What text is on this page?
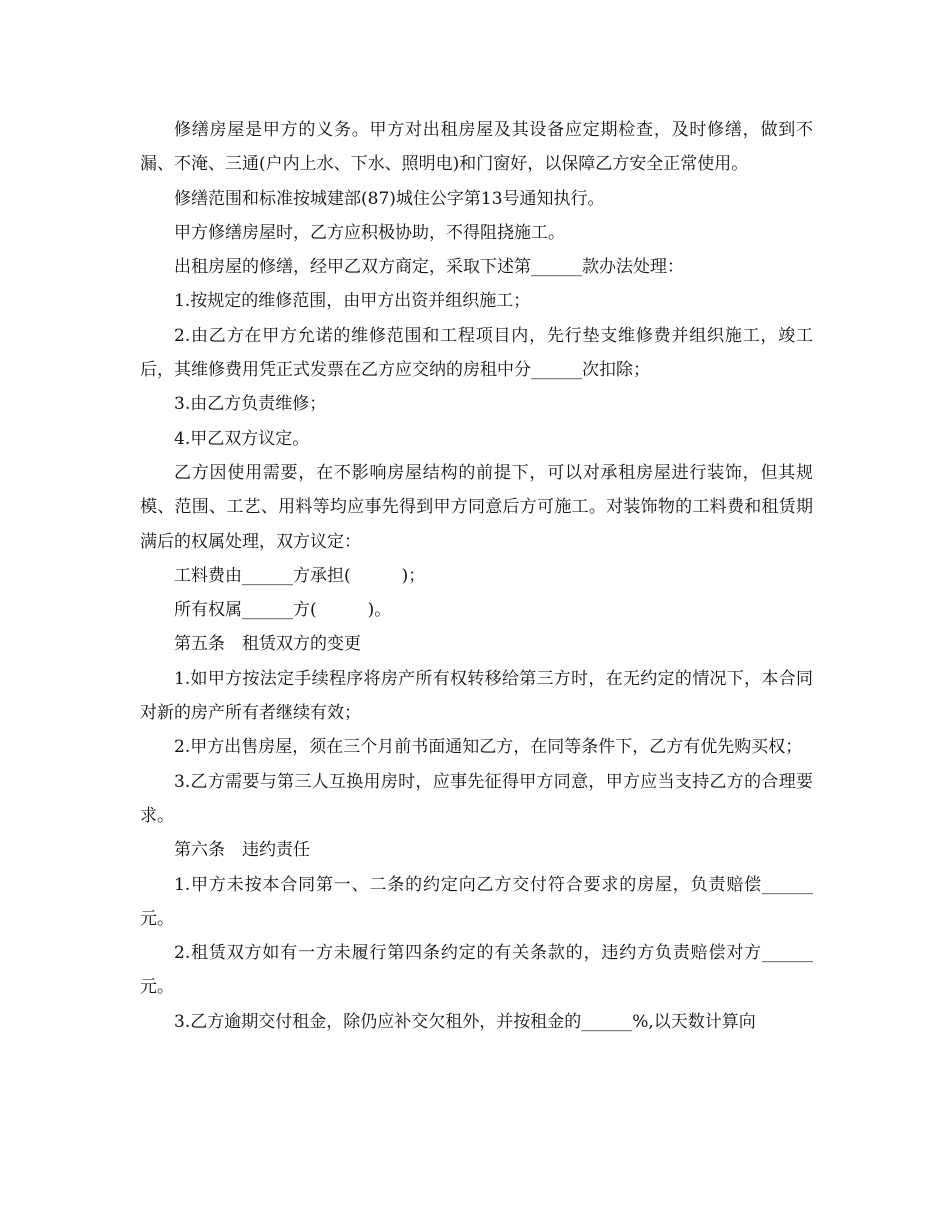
修缮房屋是甲方的义务。甲方对出租房屋及其设备应定期检查，及时修缮，做到不漏、不淹、三通(户内上水、下水、照明电)和门窗好，以保障乙方安全正常使用。

修缮范围和标准按城建部(87)城住公字第13号通知执行。

甲方修缮房屋时，乙方应积极协助，不得阻挠施工。

出租房屋的修缮，经甲乙双方商定，采取下述第______款办法处理：

1.按规定的维修范围，由甲方出资并组织施工；

2.由乙方在甲方允诺的维修范围和工程项目内，先行垫支维修费并组织施工，竣工后，其维修费用凭正式发票在乙方应交纳的房租中分______次扣除；

3.由乙方负责维修；

4.甲乙双方议定。

乙方因使用需要，在不影响房屋结构的前提下，可以对承租房屋进行装饰，但其规模、范围、工艺、用料等均应事先得到甲方同意后方可施工。对装饰物的工料费和租赁期满后的权属处理，双方议定：

工料费由______方承担(　　　)；

所有权属______方(　　　)。

第五条　租赁双方的变更

1.如甲方按法定手续程序将房产所有权转移给第三方时，在无约定的情况下，本合同对新的房产所有者继续有效；

2.甲方出售房屋，须在三个月前书面通知乙方，在同等条件下，乙方有优先购买权；

3.乙方需要与第三人互换用房时，应事先征得甲方同意，甲方应当支持乙方的合理要求。

第六条　违约责任

1.甲方未按本合同第一、二条的约定向乙方交付符合要求的房屋，负责赔偿______元。

2.租赁双方如有一方未履行第四条约定的有关条款的，违约方负责赔偿对方______元。

3.乙方逾期交付租金，除仍应补交欠租外，并按租金的______%,以天数计算向
